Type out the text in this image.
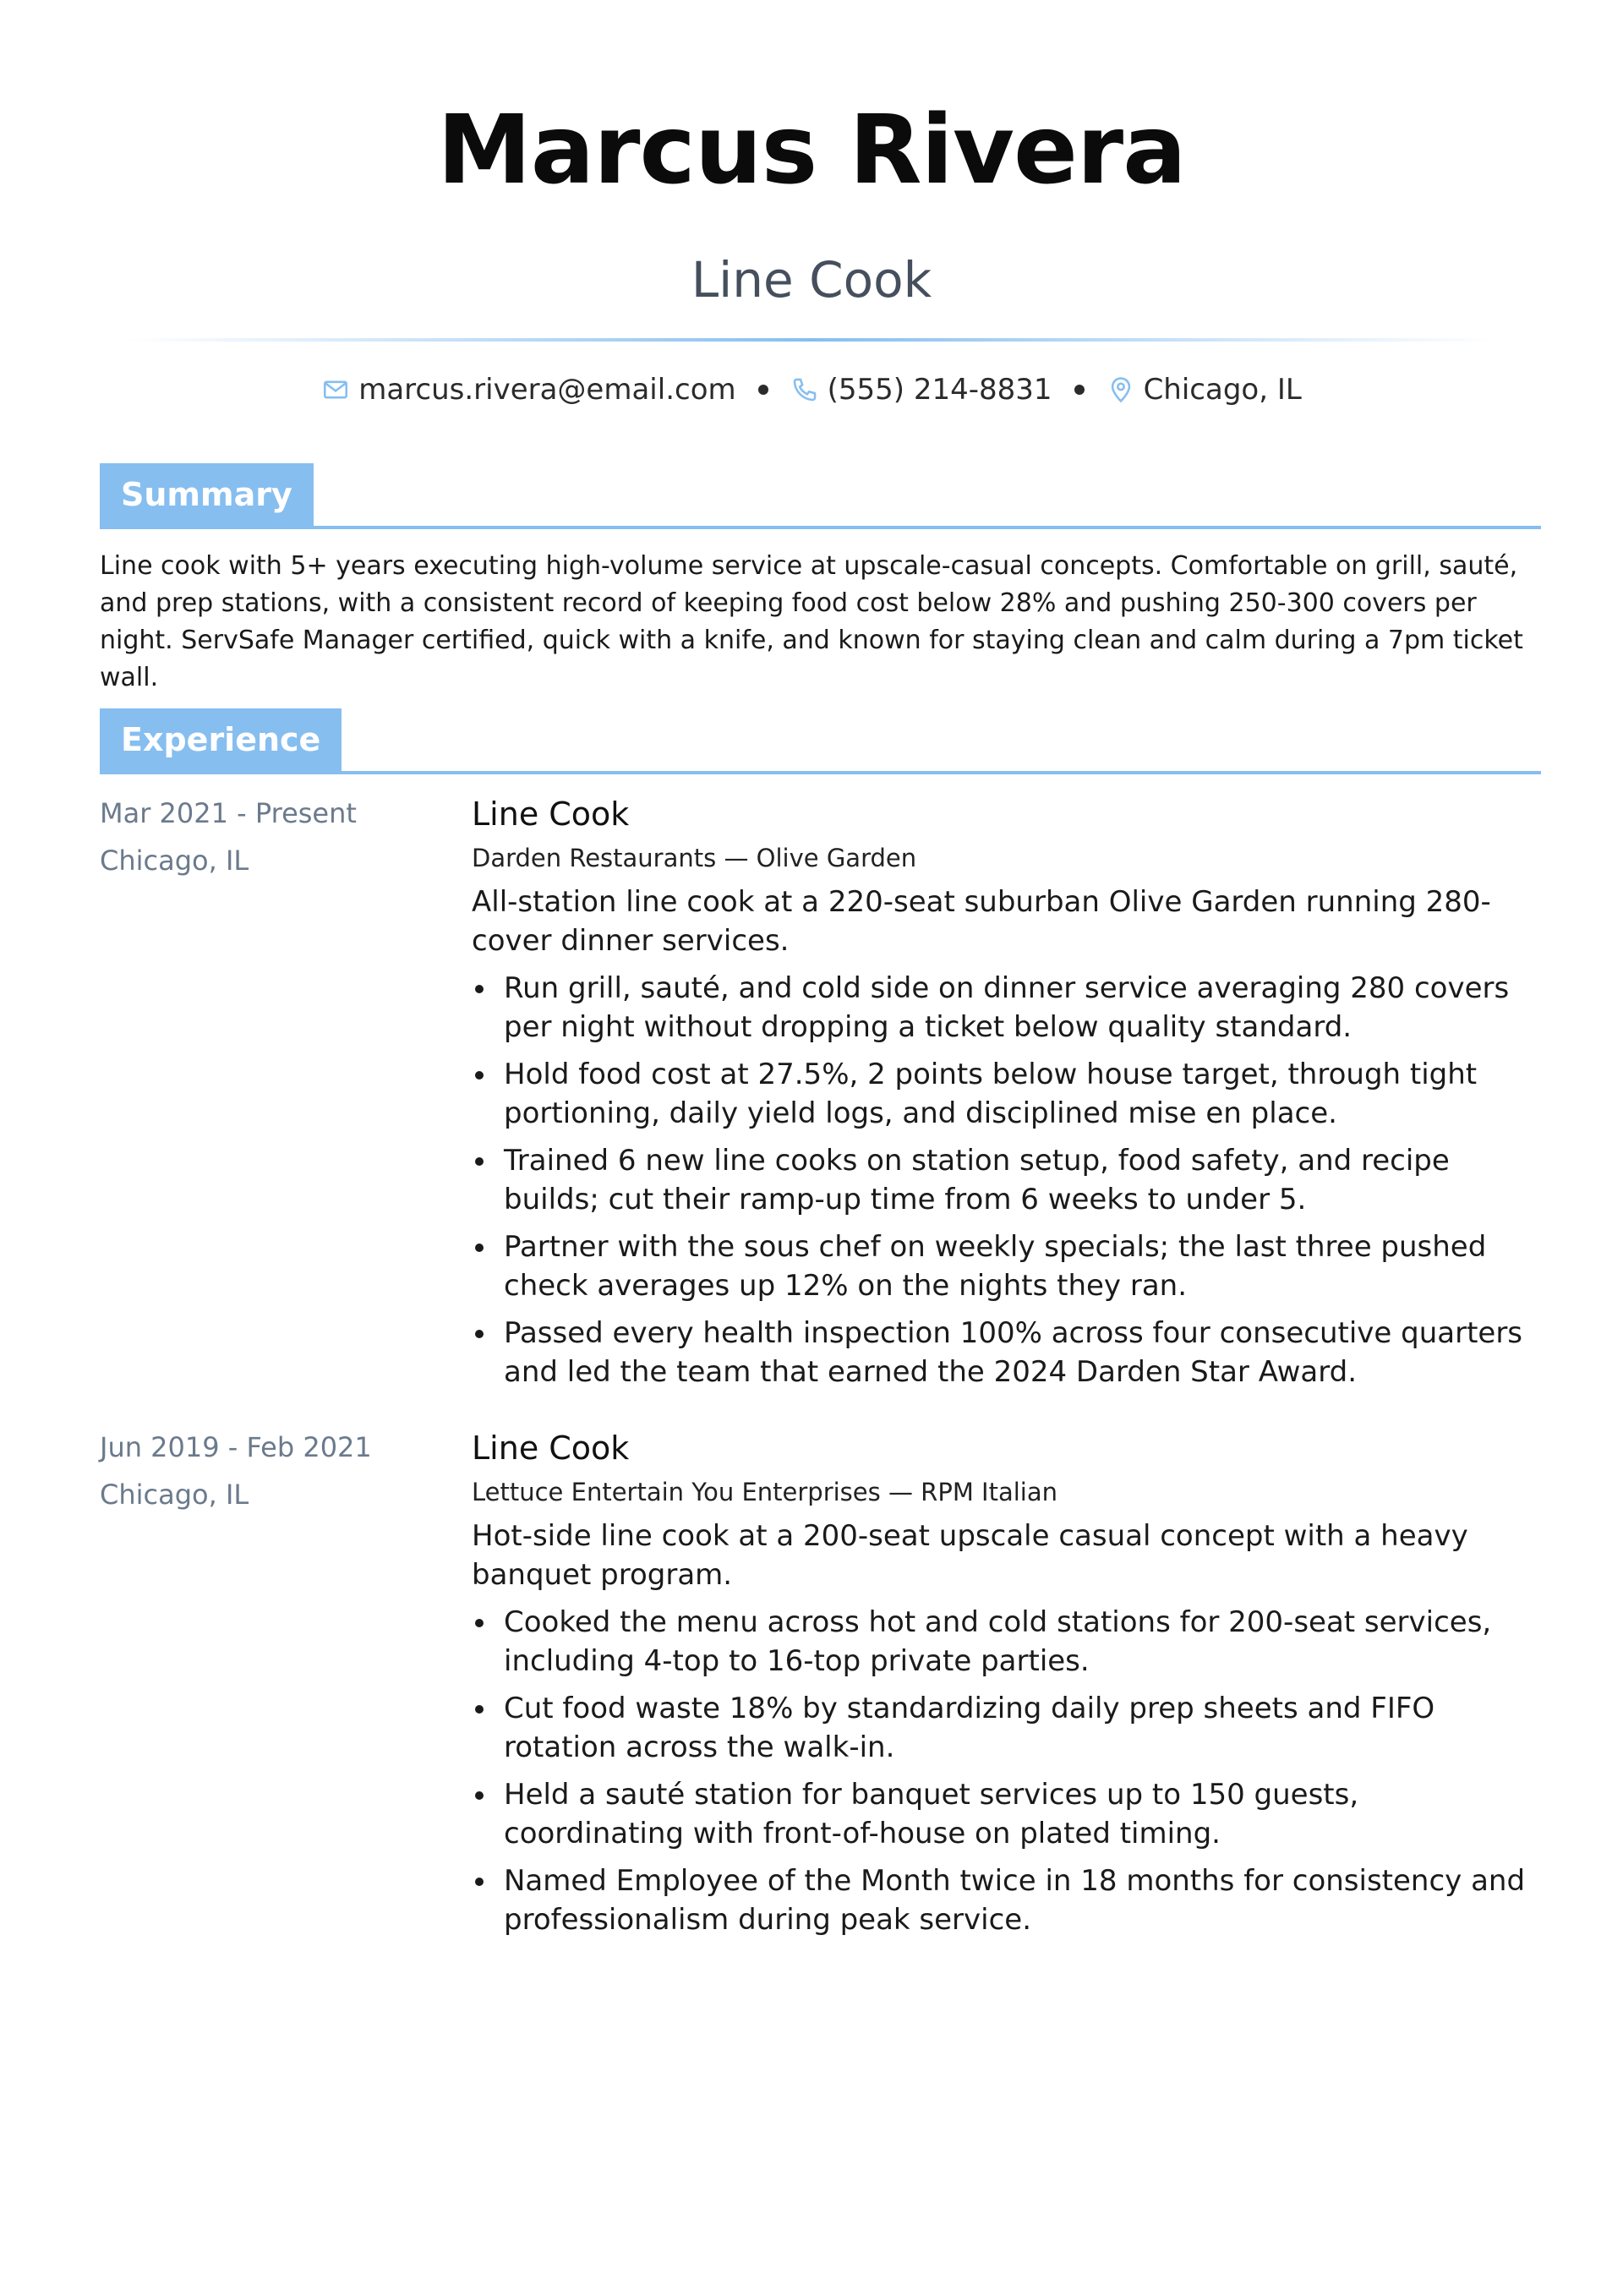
Marcus Rivera
Line Cook
marcus.rivera@email.com	(555) 214-8831	Chicago, IL
Summary
Line cook with 5+ years executing high-volume service at upscale-casual concepts. Comfortable on grill, sauté, and prep stations, with a consistent record of keeping food cost below 28% and pushing 250-300 covers per night. ServSafe Manager certified, quick with a knife, and known for staying clean and calm during a 7pm ticket wall.
Experience
Mar 2021 - Present
Chicago, IL
Line Cook
Darden Restaurants — Olive Garden
All-station line cook at a 220-seat suburban Olive Garden running 280-cover dinner services.
Run grill, sauté, and cold side on dinner service averaging 280 covers per night without dropping a ticket below quality standard.
Hold food cost at 27.5%, 2 points below house target, through tight portioning, daily yield logs, and disciplined mise en place.
Trained 6 new line cooks on station setup, food safety, and recipe builds; cut their ramp-up time from 6 weeks to under 5.
Partner with the sous chef on weekly specials; the last three pushed check averages up 12% on the nights they ran.
Passed every health inspection 100% across four consecutive quarters and led the team that earned the 2024 Darden Star Award.
Jun 2019 - Feb 2021
Chicago, IL
Line Cook
Lettuce Entertain You Enterprises — RPM Italian
Hot-side line cook at a 200-seat upscale casual concept with a heavy banquet program.
Cooked the menu across hot and cold stations for 200-seat services, including 4-top to 16-top private parties.
Cut food waste 18% by standardizing daily prep sheets and FIFO rotation across the walk-in.
Held a sauté station for banquet services up to 150 guests, coordinating with front-of-house on plated timing.
Named Employee of the Month twice in 18 months for consistency and professionalism during peak service.
